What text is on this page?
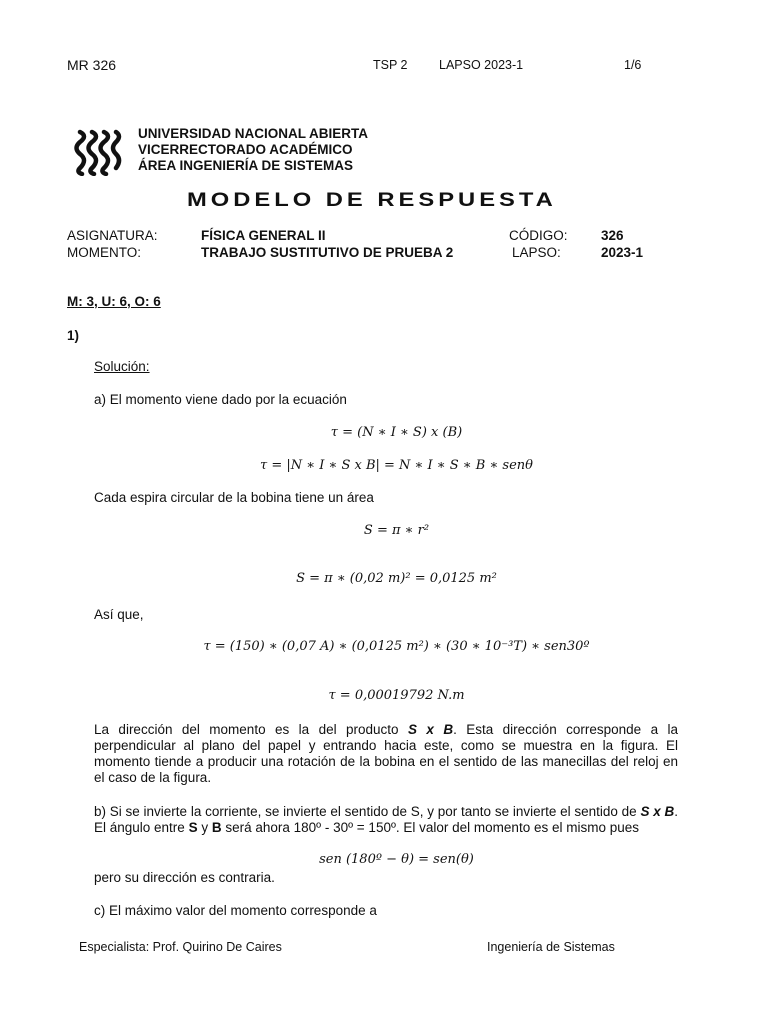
MR 326	TSP 2	LAPSO 2023-1	1/6
UNIVERSIDAD NACIONAL ABIERTA
VICERRECTORADO ACADÉMICO
ÁREA INGENIERÍA DE SISTEMAS
MODELO DE RESPUESTA
ASIGNATURA:	FÍSICA GENERAL II	CÓDIGO: 326
MOMENTO:	TRABAJO SUSTITUTIVO DE PRUEBA 2	LAPSO:	2023-1
M: 3, U: 6, O: 6
1)
Solución:
a) El momento viene dado por la ecuación
τ = (N ∗ I ∗ S) x (B)
τ = |N ∗ I ∗ S x B| = N ∗ I ∗ S ∗ B ∗ senθ
Cada espira circular de la bobina tiene un área
S = π ∗ r²
S = π ∗ (0,02 m)² = 0,0125 m²
Así que,
τ = (150) ∗ (0,07 A) ∗ (0,0125 m²) ∗ (30 ∗ 10⁻³T) ∗ sen30º
τ = 0,00019792 N.m
La dirección del momento es la del producto S x B. Esta dirección corresponde a la perpendicular al plano del papel y entrando hacia este, como se muestra en la figura. El momento tiende a producir una rotación de la bobina en el sentido de las manecillas del reloj en el caso de la figura.
b) Si se invierte la corriente, se invierte el sentido de S, y por tanto se invierte el sentido de S x B. El ángulo entre S y B será ahora 180º - 30º = 150º. El valor del momento es el mismo pues
sen (180º − θ) = sen(θ)
pero su dirección es contraria.
c) El máximo valor del momento corresponde a
Especialista: Prof. Quirino De Caires	Ingeniería de Sistemas
